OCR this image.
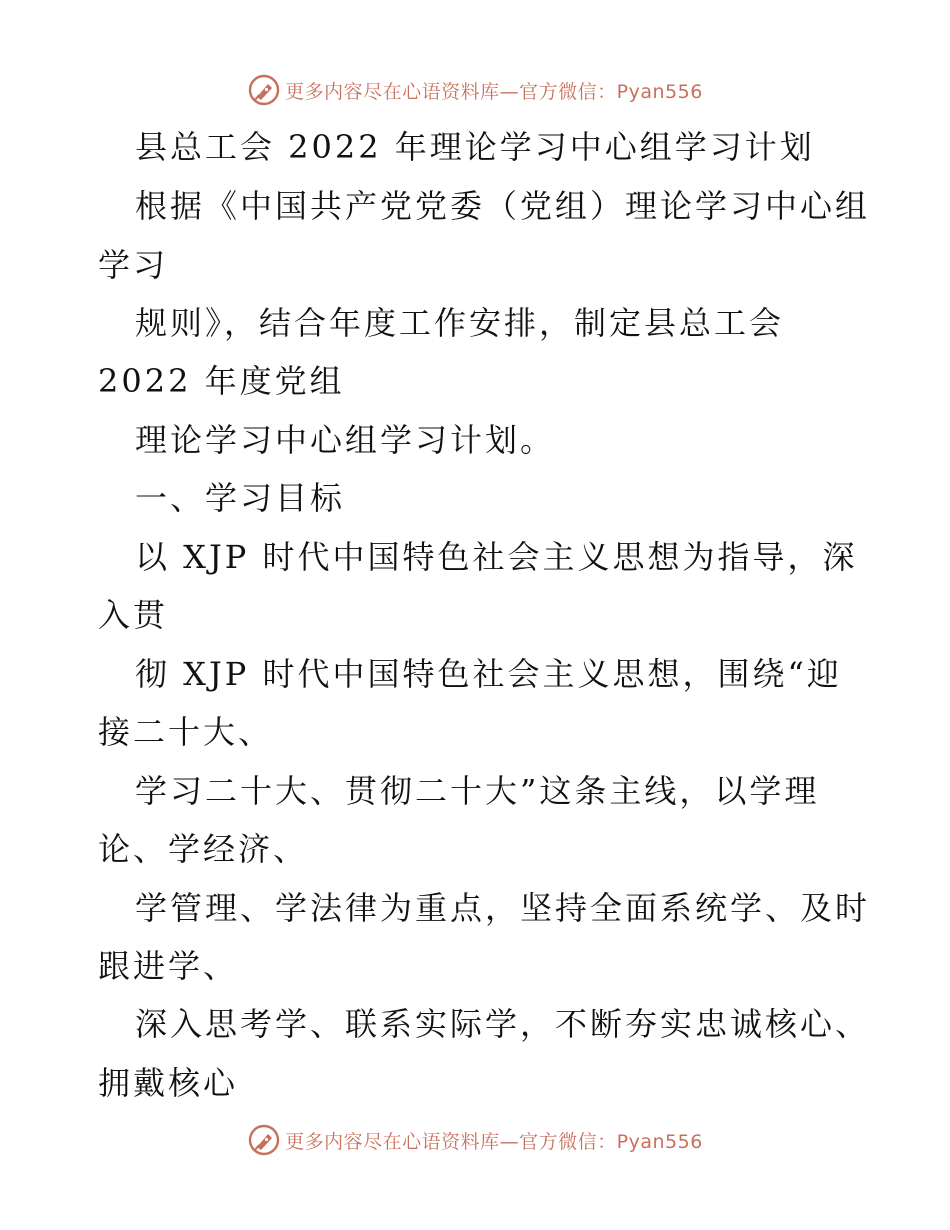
更多内容尽在心语资料库—官方微信：Pyan556
县总工会 2022 年理论学习中心组学习计划
根据《中国共产党党委（党组）理论学习中心组
学习
规则》，结合年度工作安排，制定县总工会
2022 年度党组
理论学习中心组学习计划。
一、学习目标
以 XJP 时代中国特色社会主义思想为指导，深
入贯
彻 XJP 时代中国特色社会主义思想，围绕“迎
接二十大、
学习二十大、贯彻二十大”这条主线，以学理
论、学经济、
学管理、学法律为重点，坚持全面系统学、及时
跟进学、
深入思考学、联系实际学，不断夯实忠诚核心、
拥戴核心
更多内容尽在心语资料库—官方微信：Pyan556
